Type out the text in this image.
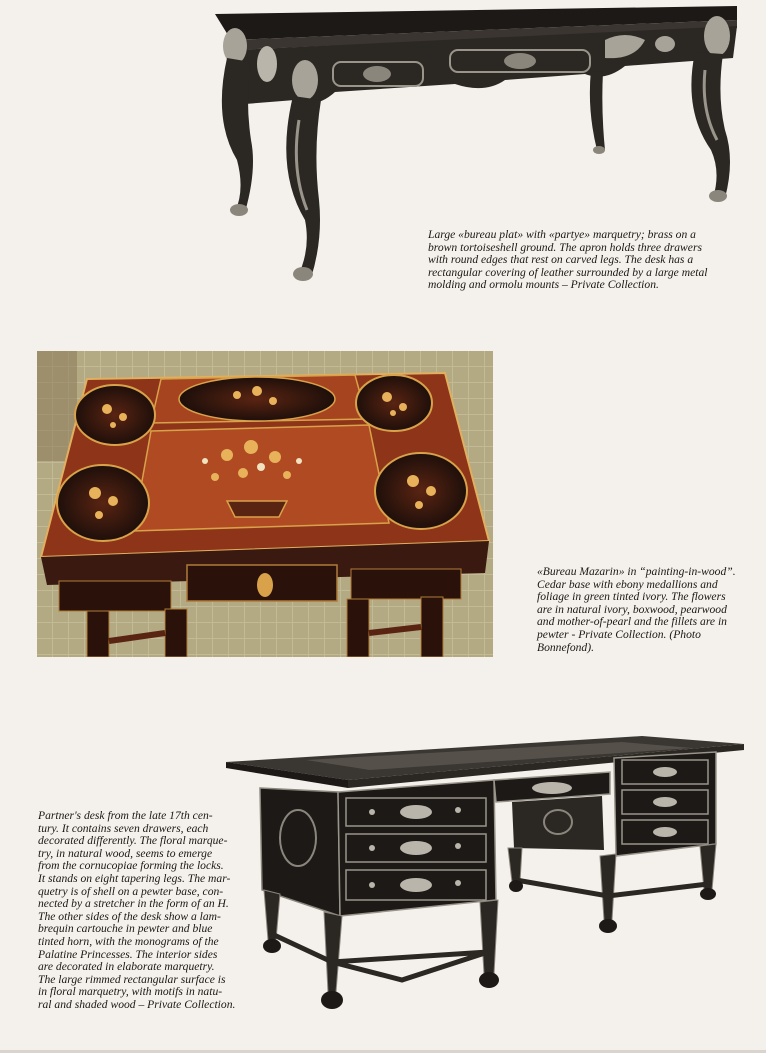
Large «bureau plat» with «partye» marquetry; brass on a
brown tortoiseshell ground. The apron holds three drawers
with round edges that rest on carved legs. The desk has a
rectangular covering of leather surrounded by a large metal
molding and ormolu mounts – Private Collection.

«Bureau Mazarin» in “painting-in-wood”.
Cedar base with ebony medallions and
foliage in green tinted ivory. The flowers
are in natural ivory, boxwood, pearwood
and mother-of-pearl and the fillets are in
pewter - Private Collection. (Photo
Bonnefond).

Partner's desk from the late 17th cen-
tury. It contains seven drawers, each
decorated differently. The floral marque-
try, in natural wood, seems to emerge
from the cornucopiae forming the locks.
It stands on eight tapering legs. The mar-
quetry is of shell on a pewter base, con-
nected by a stretcher in the form of an H.
The other sides of the desk show a lam-
brequin cartouche in pewter and blue
tinted horn, with the monograms of the
Palatine Princesses. The interior sides
are decorated in elaborate marquetry.
The large rimmed rectangular surface is
in floral marquetry, with motifs in natu-
ral and shaded wood – Private Collection.
